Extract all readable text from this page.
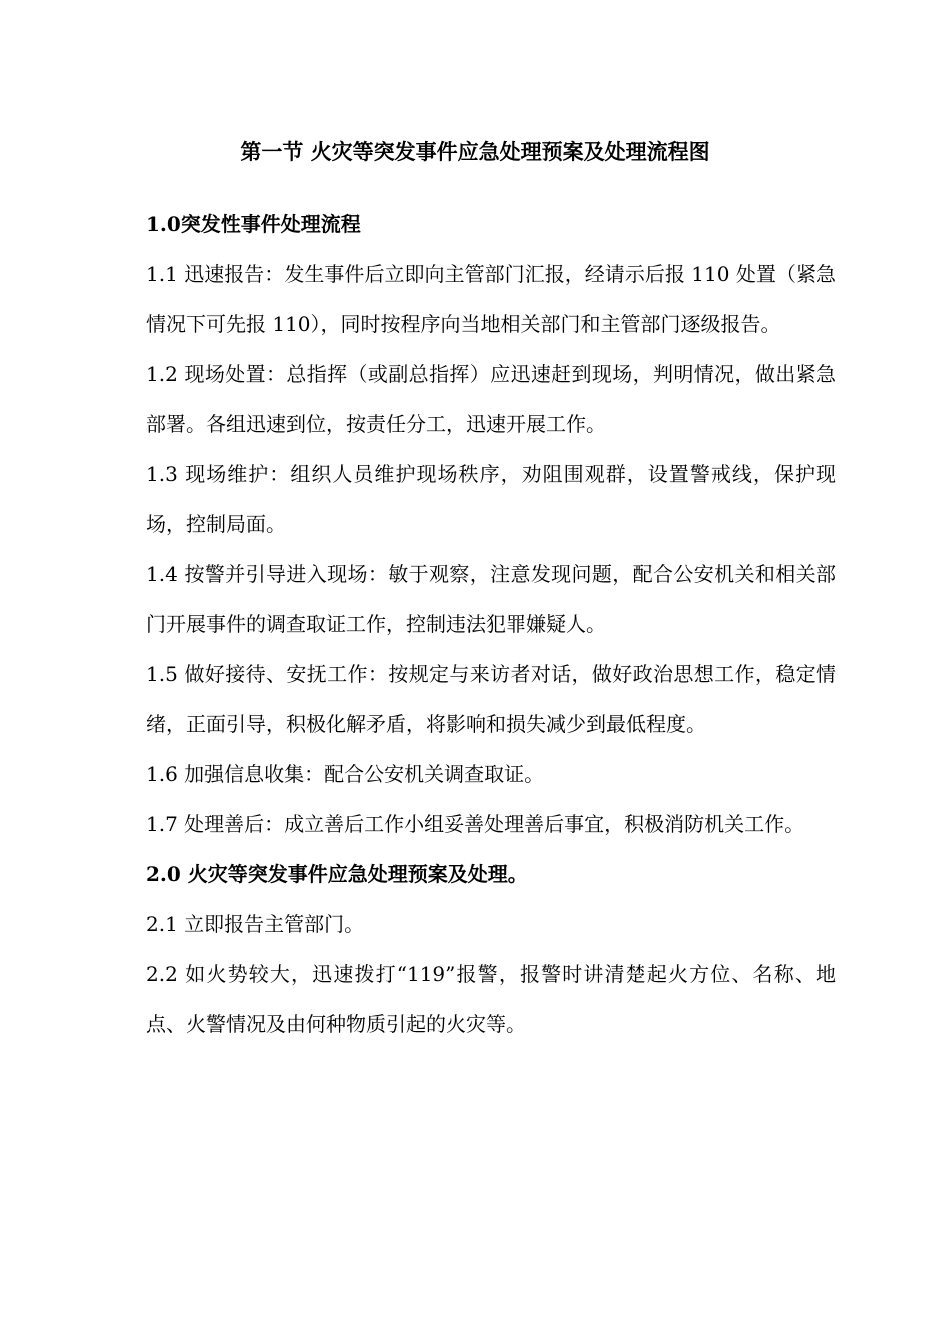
第一节 火灾等突发事件应急处理预案及处理流程图

1.0突发性事件处理流程

1.1 迅速报告：发生事件后立即向主管部门汇报，经请示后报 110 处置（紧急情况下可先报 110），同时按程序向当地相关部门和主管部门逐级报告。

1.2 现场处置：总指挥（或副总指挥）应迅速赶到现场，判明情况，做出紧急部署。各组迅速到位，按责任分工，迅速开展工作。

1.3 现场维护：组织人员维护现场秩序，劝阻围观群，设置警戒线，保护现场，控制局面。

1.4 按警并引导进入现场：敏于观察，注意发现问题，配合公安机关和相关部门开展事件的调查取证工作，控制违法犯罪嫌疑人。

1.5 做好接待、安抚工作：按规定与来访者对话，做好政治思想工作，稳定情绪，正面引导，积极化解矛盾，将影响和损失减少到最低程度。

1.6 加强信息收集：配合公安机关调查取证。

1.7 处理善后：成立善后工作小组妥善处理善后事宜，积极消防机关工作。

2.0 火灾等突发事件应急处理预案及处理。

2.1 立即报告主管部门。

2.2 如火势较大，迅速拨打“119”报警，报警时讲清楚起火方位、名称、地点、火警情况及由何种物质引起的火灾等。
